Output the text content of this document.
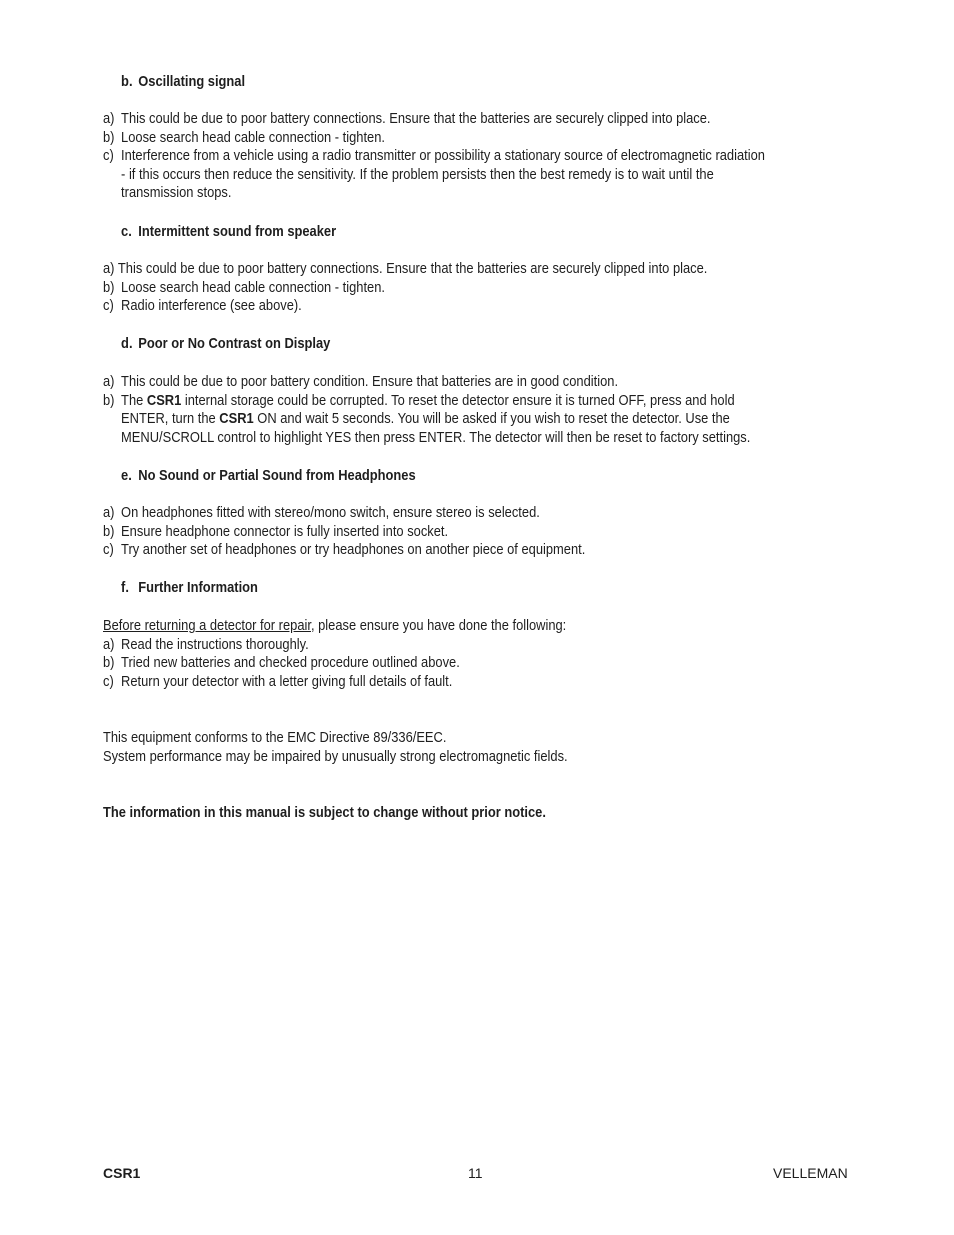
b. Oscillating signal

a) This could be due to poor battery connections. Ensure that the batteries are securely clipped into place.
b) Loose search head cable connection - tighten.
c) Interference from a vehicle using a radio transmitter or possibility a stationary source of electromagnetic radiation
- if this occurs then reduce the sensitivity. If the problem persists then the best remedy is to wait until the
transmission stops.

c. Intermittent sound from speaker

a) This could be due to poor battery connections. Ensure that the batteries are securely clipped into place.
b) Loose search head cable connection - tighten.
c) Radio interference (see above).

d. Poor or No Contrast on Display

a) This could be due to poor battery condition. Ensure that batteries are in good condition.
b) The CSR1 internal storage could be corrupted. To reset the detector ensure it is turned OFF, press and hold
ENTER, turn the CSR1 ON and wait 5 seconds. You will be asked if you wish to reset the detector. Use the
MENU/SCROLL control to highlight YES then press ENTER. The detector will then be reset to factory settings.

e. No Sound or Partial Sound from Headphones

a) On headphones fitted with stereo/mono switch, ensure stereo is selected.
b) Ensure headphone connector is fully inserted into socket.
c) Try another set of headphones or try headphones on another piece of equipment.

f. Further Information

Before returning a detector for repair, please ensure you have done the following:
a) Read the instructions thoroughly.
b) Tried new batteries and checked procedure outlined above.
c) Return your detector with a letter giving full details of fault.
This equipment conforms to the EMC Directive 89/336/EEC.
System performance may be impaired by unusually strong electromagnetic fields.
The information in this manual is subject to change without prior notice.
CSR1	11	VELLEMAN
